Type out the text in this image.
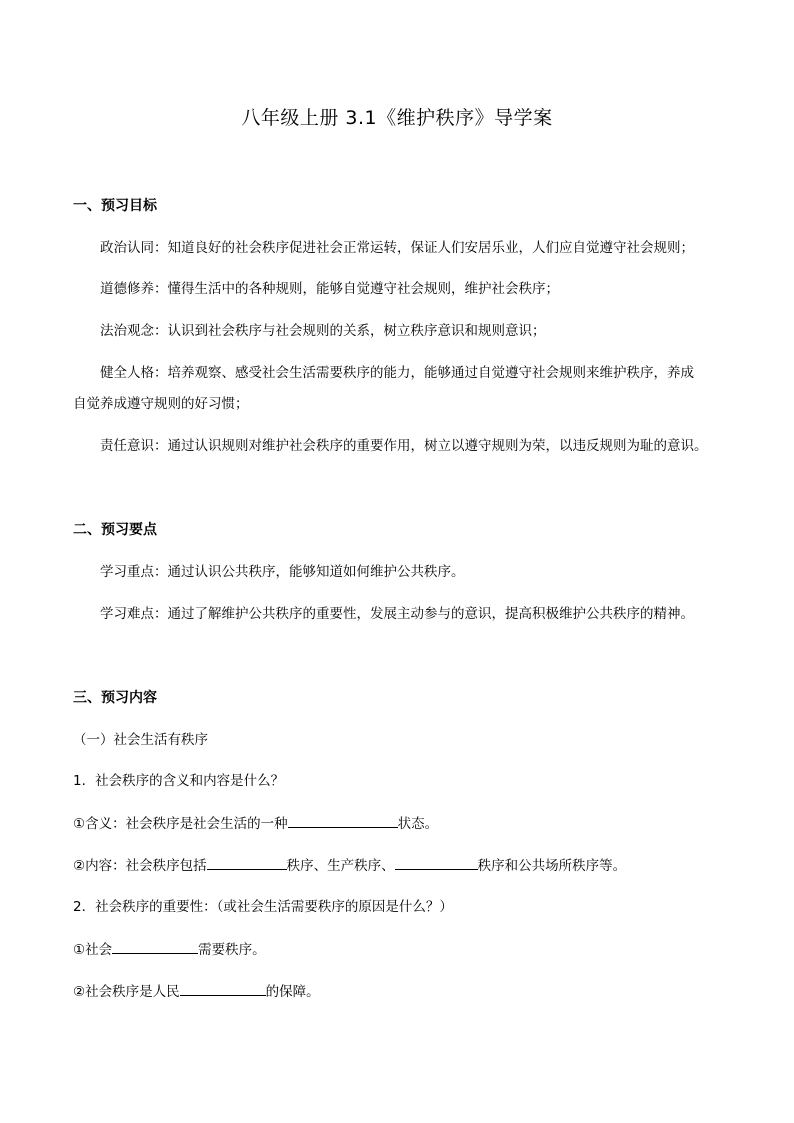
八年级上册 3.1《维护秩序》导学案
一、预习目标
政治认同：知道良好的社会秩序促进社会正常运转，保证人们安居乐业，人们应自觉遵守社会规则；
道德修养：懂得生活中的各种规则，能够自觉遵守社会规则，维护社会秩序；
法治观念：认识到社会秩序与社会规则的关系，树立秩序意识和规则意识；
健全人格：培养观察、感受社会生活需要秩序的能力，能够通过自觉遵守社会规则来维护秩序，养成
自觉养成遵守规则的好习惯；
责任意识：通过认识规则对维护社会秩序的重要作用，树立以遵守规则为荣，以违反规则为耻的意识。
二、预习要点
学习重点：通过认识公共秩序，能够知道如何维护公共秩序。
学习难点：通过了解维护公共秩序的重要性，发展主动参与的意识，提高积极维护公共秩序的精神。
三、预习内容
（一）社会生活有秩序
1．社会秩序的含义和内容是什么？
①含义：社会秩序是社会生活的一种	状态。
②内容：社会秩序包括	秩序、生产秩序、	秩序和公共场所秩序等。
2．社会秩序的重要性：（或社会生活需要秩序的原因是什么？）
①社会	需要秩序。
②社会秩序是人民	的保障。
